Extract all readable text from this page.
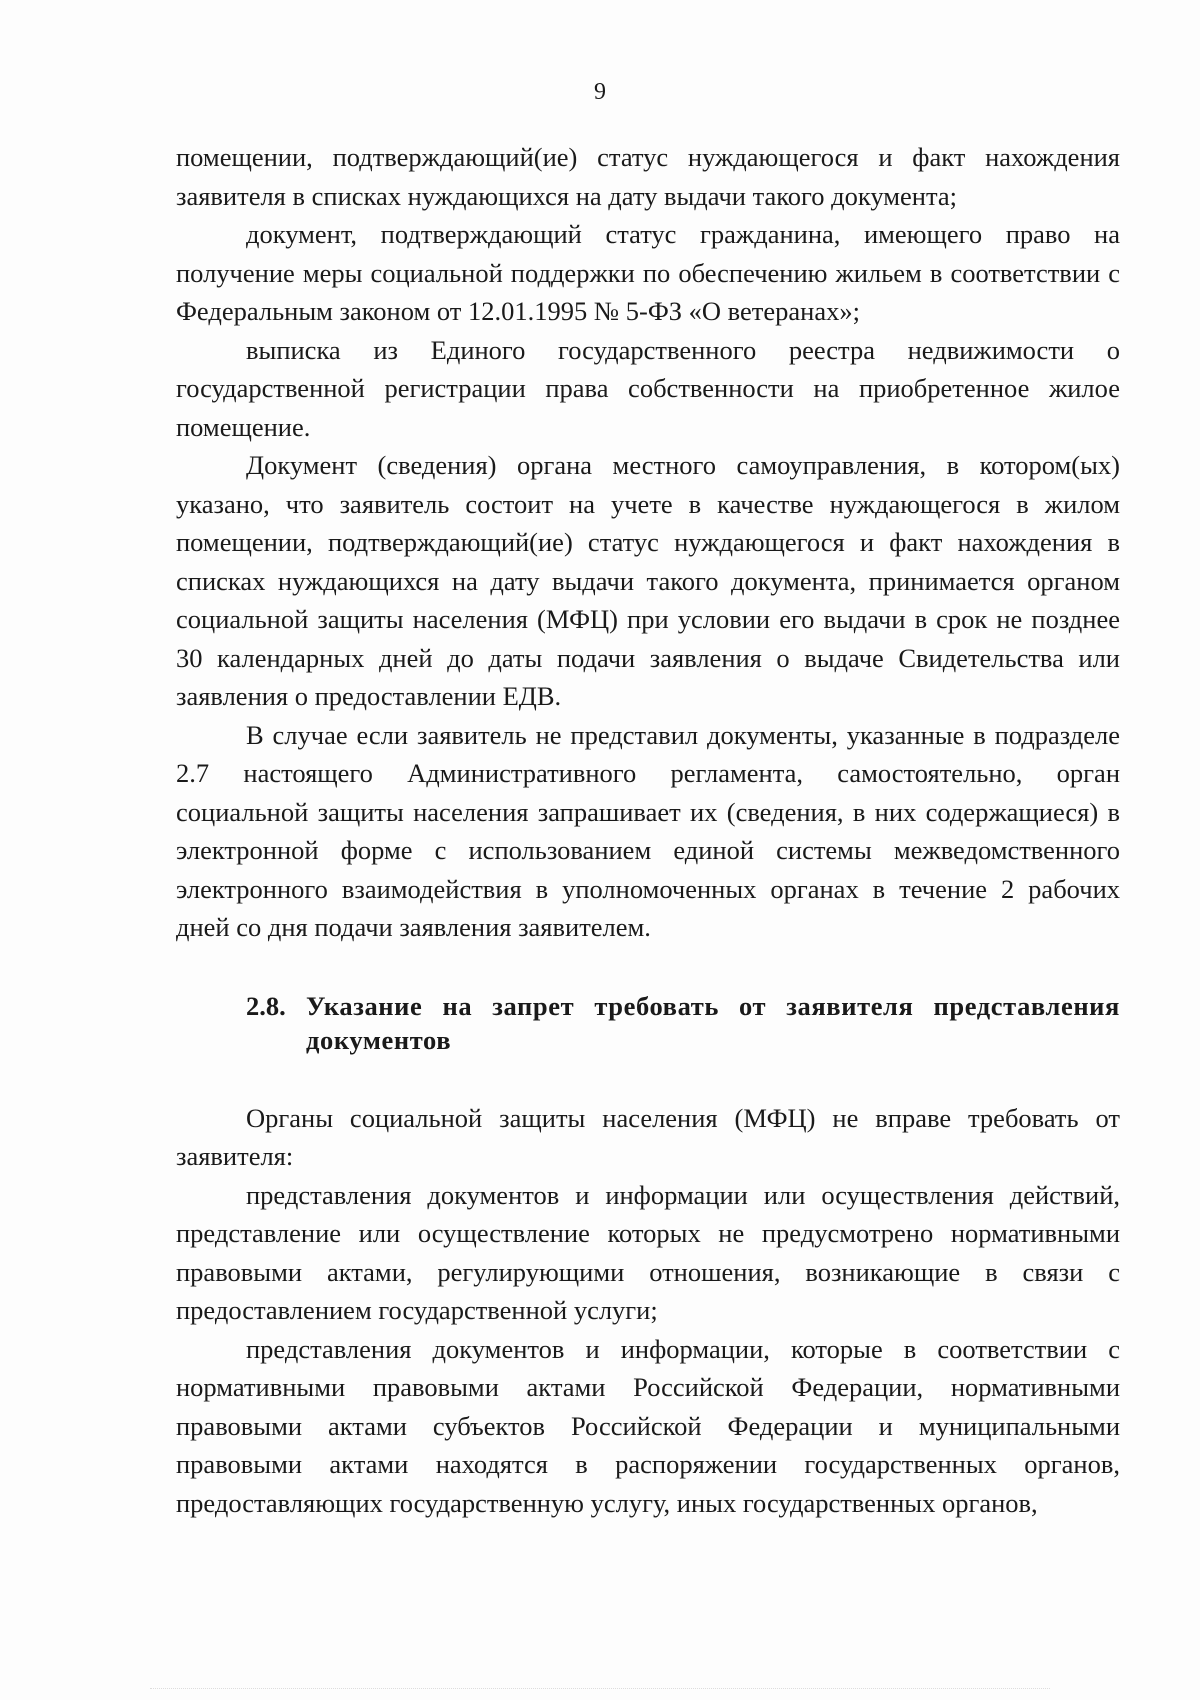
9

помещении, подтверждающий(ие) статус нуждающегося и факт нахождения заявителя в списках нуждающихся на дату выдачи такого документа;

документ, подтверждающий статус гражданина, имеющего право на получение меры социальной поддержки по обеспечению жильем в соответствии с Федеральным законом от 12.01.1995 № 5-ФЗ «О ветеранах»;

выписка из Единого государственного реестра недвижимости о государственной регистрации права собственности на приобретенное жилое помещение.

Документ (сведения) органа местного самоуправления, в котором(ых) указано, что заявитель состоит на учете в качестве нуждающегося в жилом помещении, подтверждающий(ие) статус нуждающегося и факт нахождения в списках нуждающихся на дату выдачи такого документа, принимается органом социальной защиты населения (МФЦ) при условии его выдачи в срок не позднее 30 календарных дней до даты подачи заявления о выдаче Свидетельства или заявления о предоставлении ЕДВ.

В случае если заявитель не представил документы, указанные в подразделе 2.7 настоящего Административного регламента, самостоятельно, орган социальной защиты населения запрашивает их (сведения, в них содержащиеся) в электронной форме с использованием единой системы межведомственного электронного взаимодействия в уполномоченных органах в течение 2 рабочих дней со дня подачи заявления заявителем.

2.8. Указание на запрет требовать от заявителя представления документов

Органы социальной защиты населения (МФЦ) не вправе требовать от заявителя:

представления документов и информации или осуществления действий, представление или осуществление которых не предусмотрено нормативными правовыми актами, регулирующими отношения, возникающие в связи с предоставлением государственной услуги;

представления документов и информации, которые в соответствии с нормативными правовыми актами Российской Федерации, нормативными правовыми актами субъектов Российской Федерации и муниципальными правовыми актами находятся в распоряжении государственных органов, предоставляющих государственную услугу, иных государственных органов,
